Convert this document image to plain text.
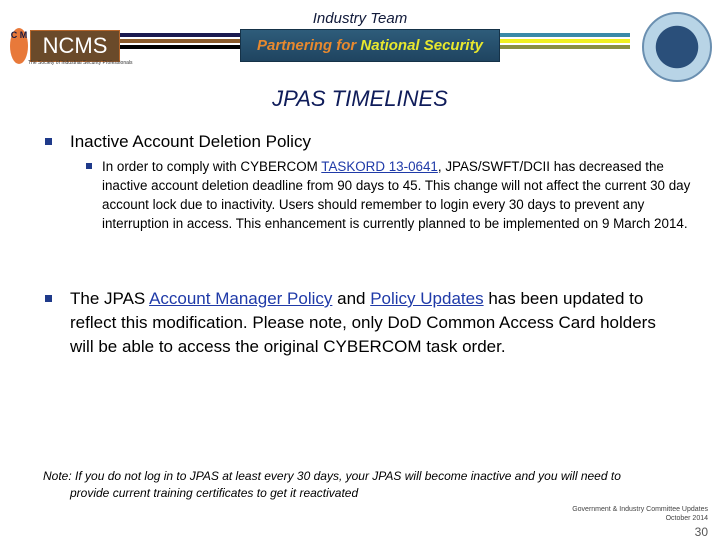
Industry Team
C M NCMS
The Society of Industrial Security Professionals
Partnering for National Security
JPAS TIMELINES
Inactive Account Deletion Policy
In order to comply with CYBERCOM TASKORD 13-0641, JPAS/SWFT/DCII has decreased the inactive account deletion deadline from 90 days to 45. This change will not affect the current 30 day account lock due to inactivity. Users should remember to login every 30 days to prevent any interruption in access. This enhancement is currently planned to be implemented on 9 March 2014.
The JPAS Account Manager Policy and Policy Updates has been updated to reflect this modification. Please note, only DoD Common Access Card holders will be able to access the original CYBERCOM task order.
Note: If you do not log in to JPAS at least every 30 days, your JPAS will become inactive and you will need to
provide current training certificates to get it reactivated
Government & Industry Committee Updates
October 2014
30
